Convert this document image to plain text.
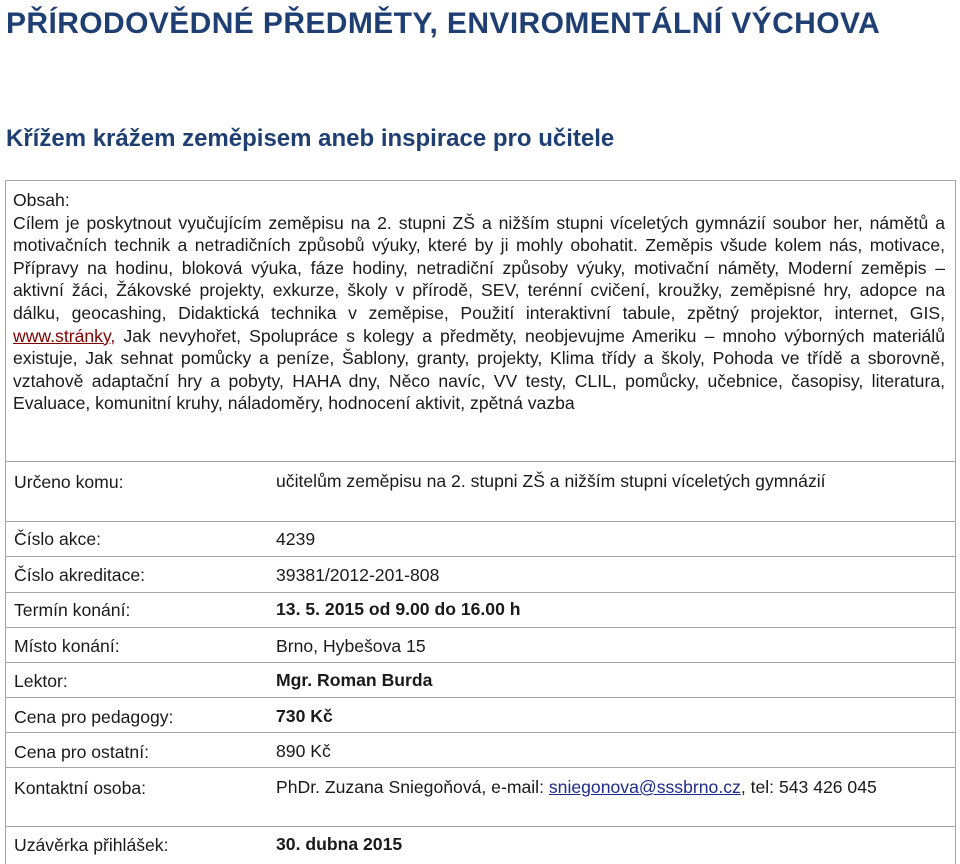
PŘÍRODOVĚDNÉ PŘEDMĚTY, ENVIROMENTÁLNÍ VÝCHOVA
Křížem krážem zeměpisem aneb inspirace pro učitele
Obsah:
Cílem je poskytnout vyučujícím zeměpisu na 2. stupni ZŠ a nižším stupni víceletých gymnázií soubor her, námětů a motivačních technik a netradičních způsobů výuky, které by ji mohly obohatit. Zeměpis všude kolem nás, motivace, Přípravy na hodinu, bloková výuka, fáze hodiny, netradiční způsoby výuky, motivační náměty, Moderní zeměpis – aktivní žáci, Žákovské projekty, exkurze, školy v přírodě, SEV, terénní cvičení, kroužky, zeměpisné hry, adopce na dálku, geocashing, Didaktická technika v zeměpise, Použití interaktivní tabule, zpětný projektor, internet, GIS, www.stránky, Jak nevyhořet, Spolupráce s kolegy a předměty, neobjevujme Ameriku – mnoho výborných materiálů existuje, Jak sehnat pomůcky a peníze, Šablony, granty, projekty, Klima třídy a školy, Pohoda ve třídě a sborovně, vztahově adaptační hry a pobyty, HAHA dny, Něco navíc, VV testy, CLIL, pomůcky, učebnice, časopisy, literatura, Evaluace, komunitní kruhy, náladoměry, hodnocení aktivit, zpětná vazba
Určeno komu:	učitelům zeměpisu na 2. stupni ZŠ a nižším stupni víceletých gymnázií
Číslo akce:	4239
Číslo akreditace:	39381/2012-201-808
Termín konání:	13. 5. 2015 od 9.00 do 16.00 h
Místo konání:	Brno, Hybešova 15
Lektor:	Mgr. Roman Burda
Cena pro pedagogy:	730 Kč
Cena pro ostatní:	890 Kč
Kontaktní osoba:	PhDr. Zuzana Sniegoňová, e-mail: sniegonova@sssbrno.cz, tel: 543 426 045
Uzávěrka přihlášek:	30. dubna 2015
